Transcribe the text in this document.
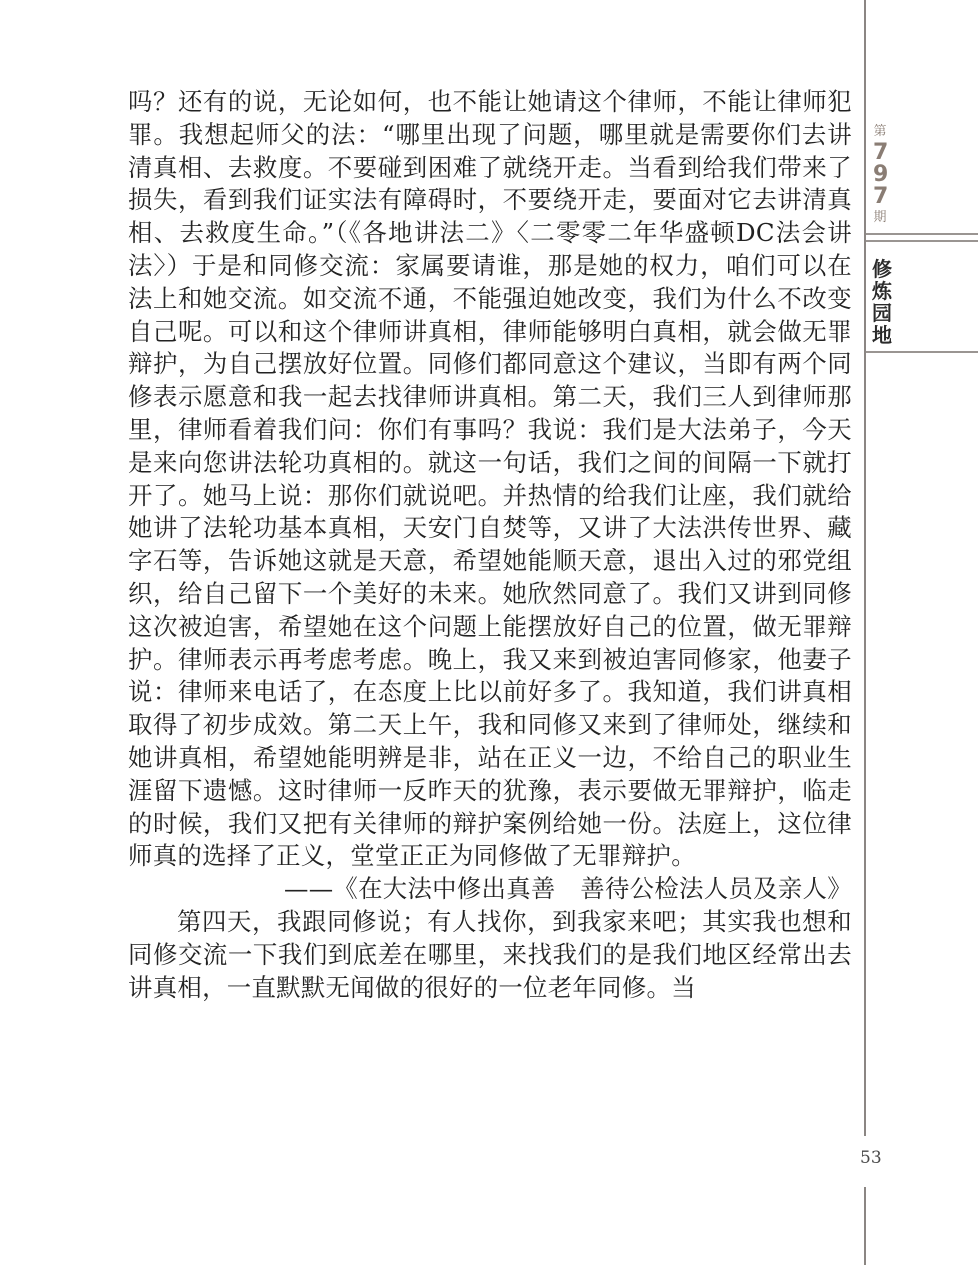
第
797
期
修炼园地

吗？还有的说，无论如何，也不能让她请这个律师，不能让律师犯罪。我想起师父的法：“哪里出现了问题，哪里就是需要你们去讲清真相、去救度。不要碰到困难了就绕开走。当看到给我们带来了损失，看到我们证实法有障碍时，不要绕开走，要面对它去讲清真相、去救度生命。”（《各地讲法二》〈二零零二年华盛顿DC法会讲法〉）于是和同修交流：家属要请谁，那是她的权力，咱们可以在法上和她交流。如交流不通，不能强迫她改变，我们为什么不改变自己呢。可以和这个律师讲真相，律师能够明白真相，就会做无罪辩护，为自己摆放好位置。同修们都同意这个建议，当即有两个同修表示愿意和我一起去找律师讲真相。第二天，我们三人到律师那里，律师看着我们问：你们有事吗？我说：我们是大法弟子，今天是来向您讲法轮功真相的。就这一句话，我们之间的间隔一下就打开了。她马上说：那你们就说吧。并热情的给我们让座，我们就给她讲了法轮功基本真相，天安门自焚等，又讲了大法洪传世界、藏字石等，告诉她这就是天意，希望她能顺天意，退出入过的邪党组织，给自己留下一个美好的未来。她欣然同意了。我们又讲到同修这次被迫害，希望她在这个问题上能摆放好自己的位置，做无罪辩护。律师表示再考虑考虑。晚上，我又来到被迫害同修家，他妻子说：律师来电话了，在态度上比以前好多了。我知道，我们讲真相取得了初步成效。第二天上午，我和同修又来到了律师处，继续和她讲真相，希望她能明辨是非，站在正义一边，不给自己的职业生涯留下遗憾。这时律师一反昨天的犹豫，表示要做无罪辩护，临走的时候，我们又把有关律师的辩护案例给她一份。法庭上，这位律师真的选择了正义，堂堂正正为同修做了无罪辩护。

——《在大法中修出真善　善待公检法人员及亲人》

第四天，我跟同修说；有人找你，到我家来吧；其实我也想和同修交流一下我们到底差在哪里，来找我们的是我们地区经常出去讲真相，一直默默无闻做的很好的一位老年同修。当

53
